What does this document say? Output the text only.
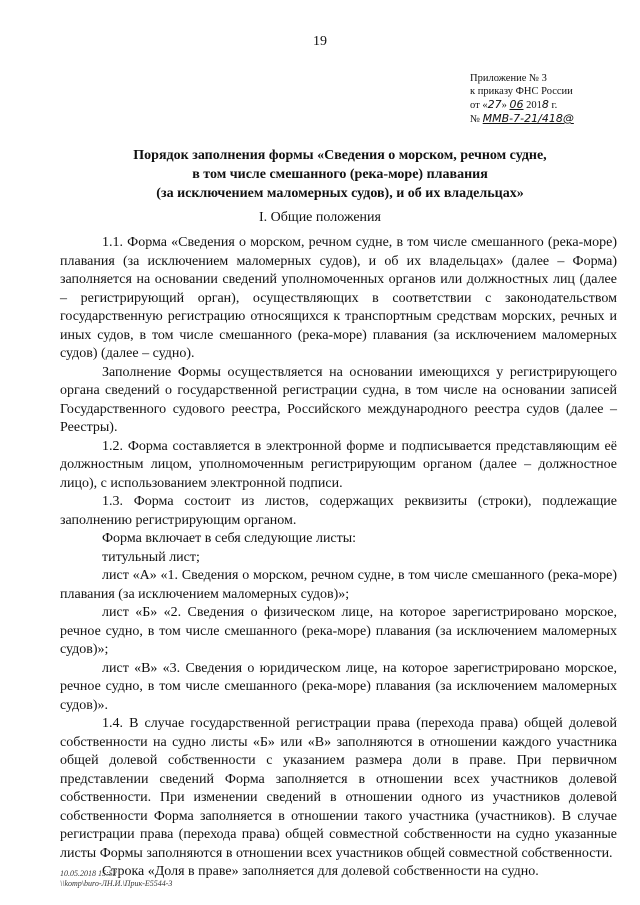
19
Приложение № 3
к приказу ФНС России
от «27» 06 2018 г.
№ ММВ-7-21/418@
Порядок заполнения формы «Сведения о морском, речном судне,
в том числе смешанного (река-море) плавания
(за исключением маломерных судов), и об их владельцах»
I. Общие положения

1.1. Форма «Сведения о морском, речном судне, в том числе смешанного (река-море) плавания (за исключением маломерных судов), и об их владельцах» (далее – Форма) заполняется на основании сведений уполномоченных органов или должностных лиц (далее – регистрирующий орган), осуществляющих в соответствии с законодательством государственную регистрацию относящихся к транспортным средствам морских, речных и иных судов, в том числе смешанного (река-море) плавания (за исключением маломерных судов) (далее – судно).

Заполнение Формы осуществляется на основании имеющихся у регистрирующего органа сведений о государственной регистрации судна, в том числе на основании записей Государственного судового реестра, Российского международного реестра судов (далее – Реестры).

1.2. Форма составляется в электронной форме и подписывается представляющим её должностным лицом, уполномоченным регистрирующим органом (далее – должностное лицо), с использованием электронной подписи.

1.3. Форма состоит из листов, содержащих реквизиты (строки), подлежащие заполнению регистрирующим органом.

Форма включает в себя следующие листы:

титульный лист;

лист «А» «1. Сведения о морском, речном судне, в том числе смешанного (река-море) плавания (за исключением маломерных судов)»;

лист «Б» «2. Сведения о физическом лице, на которое зарегистрировано морское, речное судно, в том числе смешанного (река-море) плавания (за исключением маломерных судов)»;

лист «В» «3. Сведения о юридическом лице, на которое зарегистрировано морское, речное судно, в том числе смешанного (река-море) плавания (за исключением маломерных судов)».

1.4. В случае государственной регистрации права (перехода права) общей долевой собственности на судно листы «Б» или «В» заполняются в отношении каждого участника общей долевой собственности с указанием размера доли в праве. При первичном представлении сведений Форма заполняется в отношении всех участников долевой собственности. При изменении сведений в отношении одного из участников долевой собственности Форма заполняется в отношении такого участника (участников). В случае регистрации права (перехода права) общей совместной собственности на судно указанные листы Формы заполняются в отношении всех участников общей совместной собственности.

Строка «Доля в праве» заполняется для долевой собственности на судно.

10.05.2018 15:52
\\komp\buro-ЛН.И.\Прик-E5544-3
